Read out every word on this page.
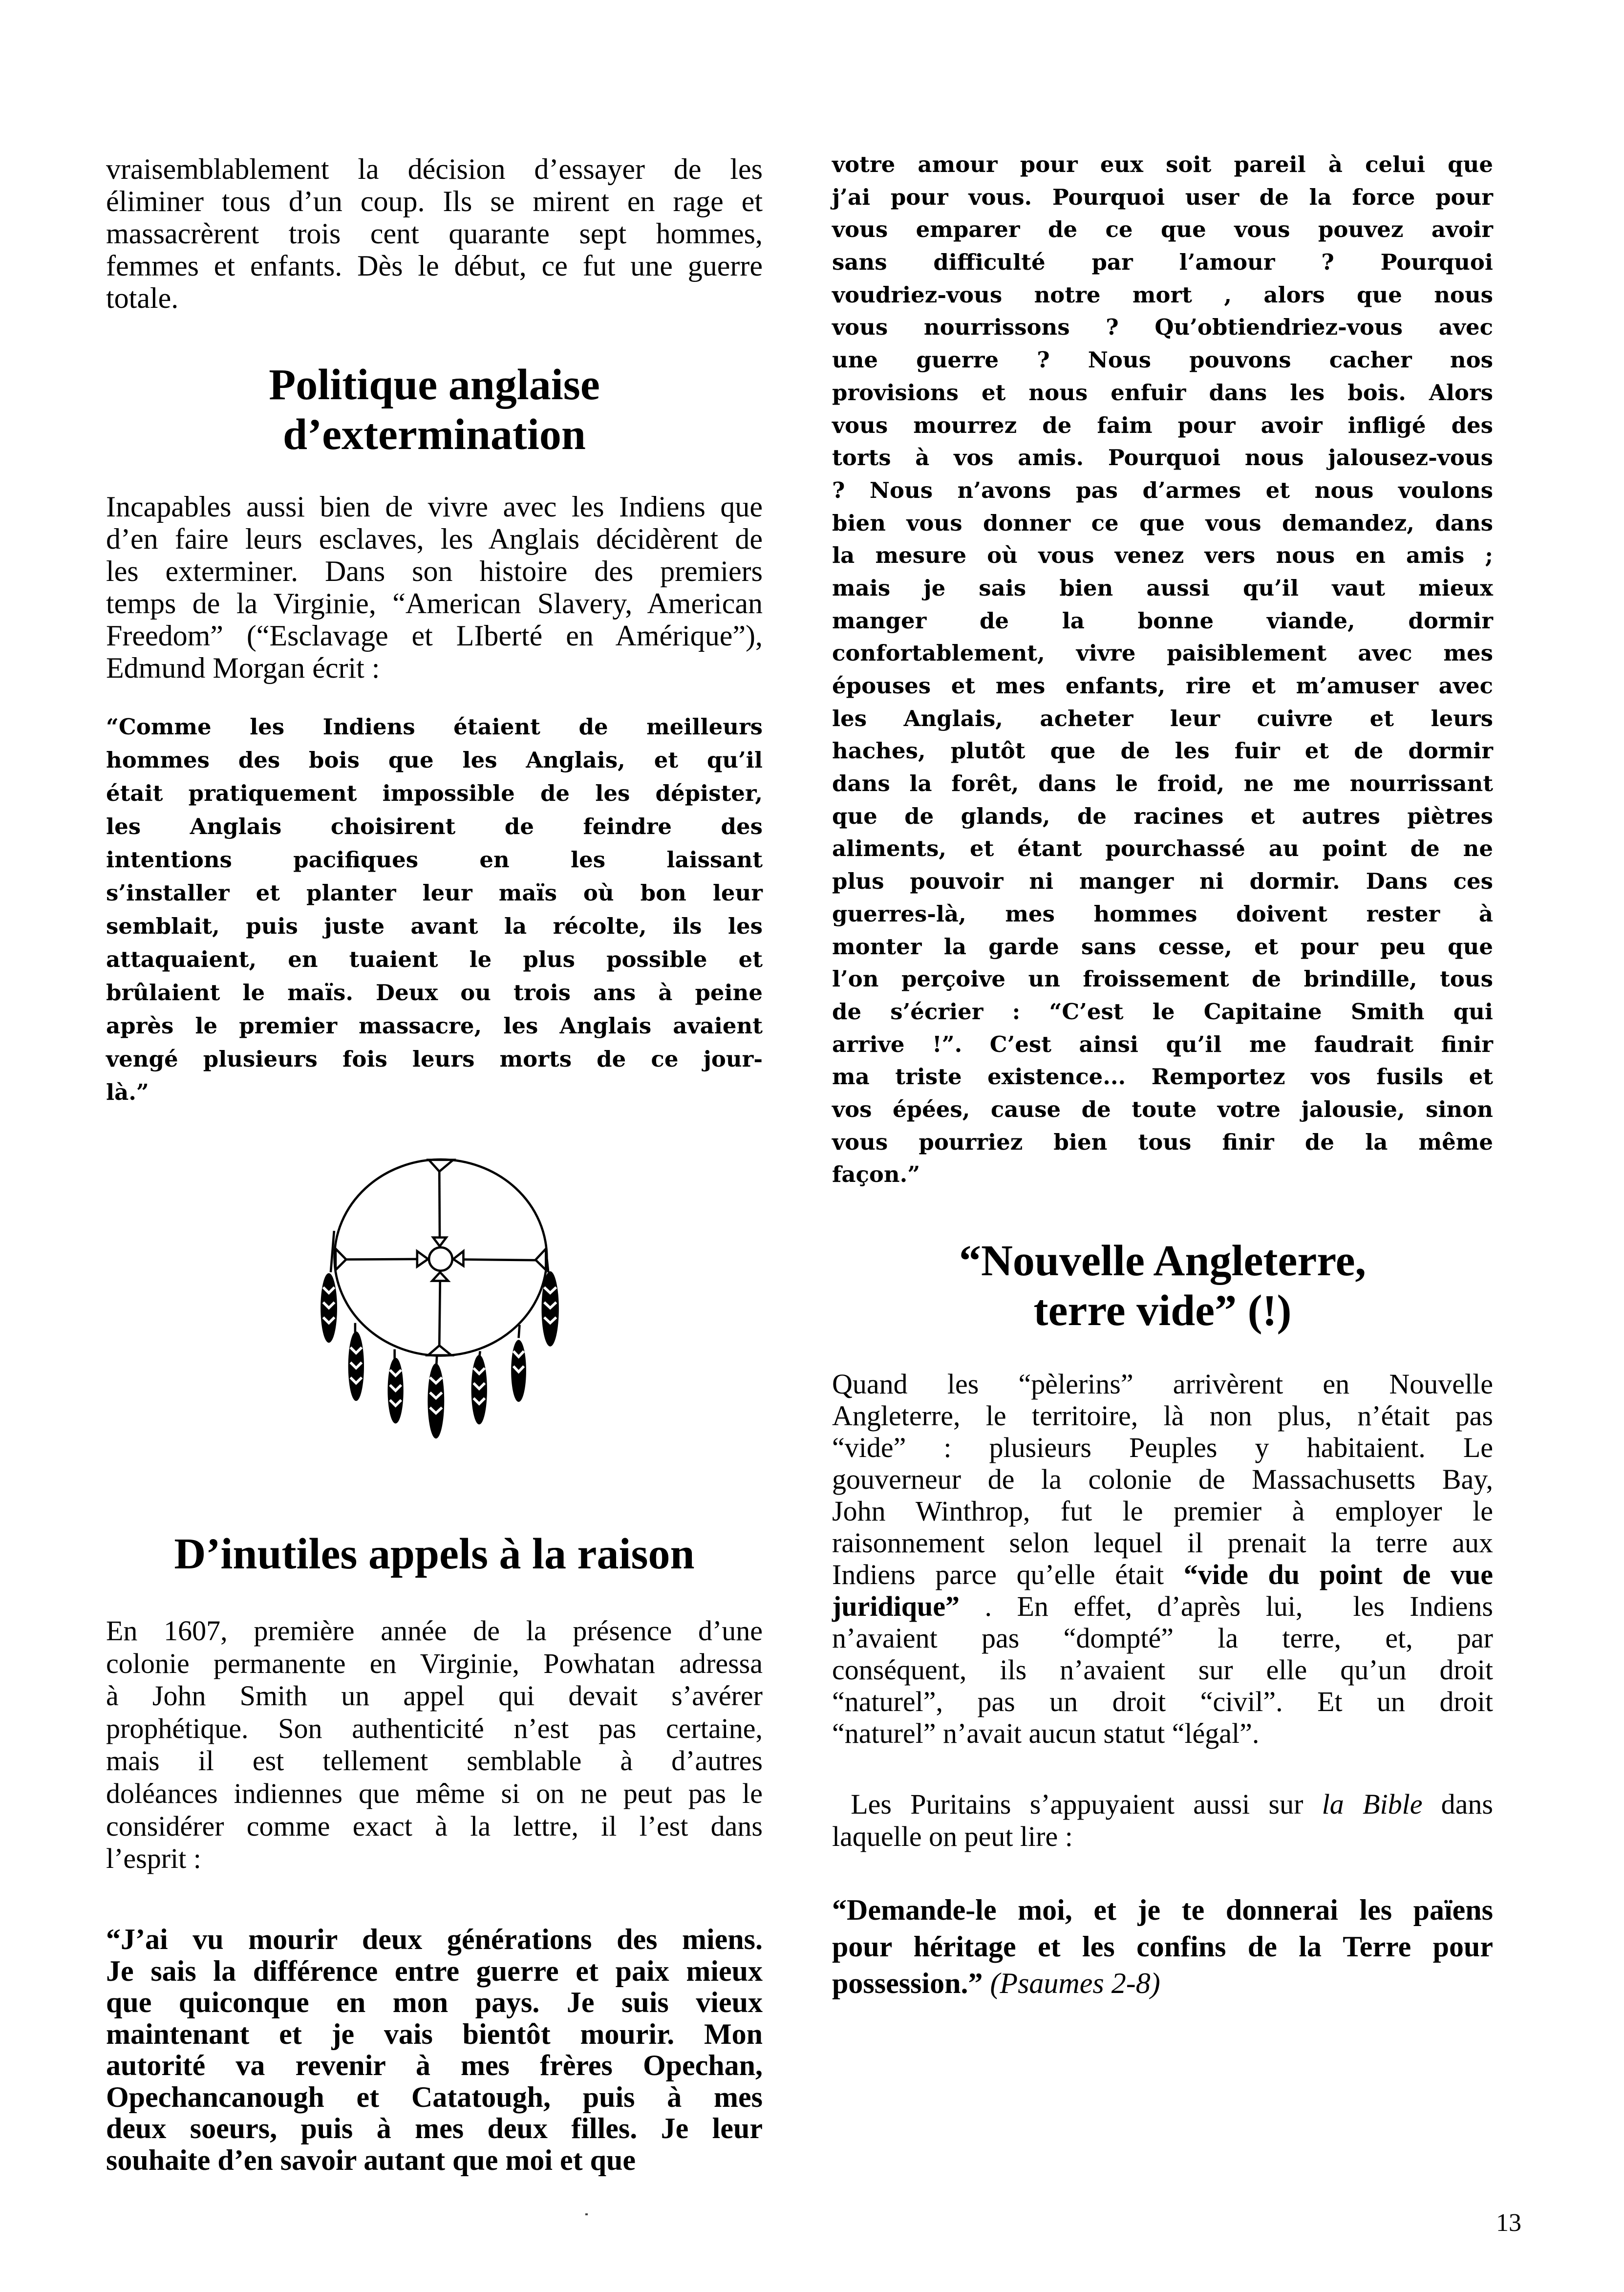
vraisemblablement la décision d’essayer de les
éliminer tous d’un coup. Ils se mirent en rage et
massacrèrent trois cent quarante sept hommes,
femmes et enfants. Dès le début, ce fut une guerre
totale.
Politique anglaise
d’extermination
Incapables aussi bien de vivre avec les Indiens que
d’en faire leurs esclaves, les Anglais décidèrent de
les exterminer. Dans son histoire des premiers
temps de la Virginie, “American Slavery, American
Freedom” (“Esclavage et LIberté en Amérique”),
Edmund Morgan écrit :
“Comme les Indiens étaient de meilleurs
hommes des bois que les Anglais, et qu’il
était pratiquement impossible de les dépister,
les Anglais choisirent de feindre des
intentions pacifiques en les laissant
s’installer et planter leur maïs où bon leur
semblait, puis juste avant la récolte, ils les
attaquaient, en tuaient le plus possible et
brûlaient le maïs. Deux ou trois ans à peine
après le premier massacre, les Anglais avaient
vengé plusieurs fois leurs morts de ce jour-
là.”
D’inutiles appels à la raison
En 1607, première année de la présence d’une
colonie permanente en Virginie, Powhatan adressa
à John Smith un appel qui devait s’avérer
prophétique. Son authenticité n’est pas certaine,
mais il est tellement semblable à d’autres
doléances indiennes que même si on ne peut pas le
considérer comme exact à la lettre, il l’est dans
l’esprit :
“J’ai vu mourir deux générations des miens.
Je sais la différence entre guerre et paix mieux
que quiconque en mon pays. Je suis vieux
maintenant et je vais bientôt mourir. Mon
autorité va revenir à mes frères Opechan,
Opechancanough et Catatough, puis à mes
deux soeurs, puis à mes deux filles. Je leur
souhaite d’en savoir autant que moi et que
votre amour pour eux soit pareil à celui que
j’ai pour vous. Pourquoi user de la force pour
vous emparer de ce que vous pouvez avoir
sans difficulté par l’amour ? Pourquoi
voudriez-vous notre mort , alors que nous
vous nourrissons ? Qu’obtiendriez-vous avec
une guerre ? Nous pouvons cacher nos
provisions et nous enfuir dans les bois. Alors
vous mourrez de faim pour avoir infligé des
torts à vos amis. Pourquoi nous jalousez-vous
? Nous n’avons pas d’armes et nous voulons
bien vous donner ce que vous demandez, dans
la mesure où vous venez vers nous en amis ;
mais je sais bien aussi qu’il vaut mieux
manger de la bonne viande, dormir
confortablement, vivre paisiblement avec mes
épouses et mes enfants, rire et m’amuser avec
les Anglais, acheter leur cuivre et leurs
haches, plutôt que de les fuir et de dormir
dans la forêt, dans le froid, ne me nourrissant
que de glands, de racines et autres piètres
aliments, et étant pourchassé au point de ne
plus pouvoir ni manger ni dormir. Dans ces
guerres-là, mes hommes doivent rester à
monter la garde sans cesse, et pour peu que
l’on perçoive un froissement de brindille, tous
de s’écrier : “C’est le Capitaine Smith qui
arrive !”. C’est ainsi qu’il me faudrait finir
ma triste existence... Remportez vos fusils et
vos épées, cause de toute votre jalousie, sinon
vous pourriez bien tous finir de la même
façon.”
“Nouvelle Angleterre,
terre vide” (!)
Quand les “pèlerins” arrivèrent en Nouvelle
Angleterre, le territoire, là non plus, n’était pas
“vide” : plusieurs Peuples y habitaient. Le
gouverneur de la colonie de Massachusetts Bay,
John Winthrop, fut le premier à employer le
raisonnement selon lequel il prenait la terre aux
Indiens parce qu’elle était “vide du point de vue
juridique” . En effet, d’après lui,  les Indiens
n’avaient pas “dompté” la terre, et, par
conséquent, ils n’avaient sur elle qu’un droit
“naturel”, pas un droit “civil”. Et un droit
“naturel” n’avait aucun statut “légal”.
Les Puritains s’appuyaient aussi sur la Bible dans
laquelle on peut lire :
“Demande-le moi, et je te donnerai les païens
pour héritage et les confins de la Terre pour
possession.” (Psaumes 2-8)
13
